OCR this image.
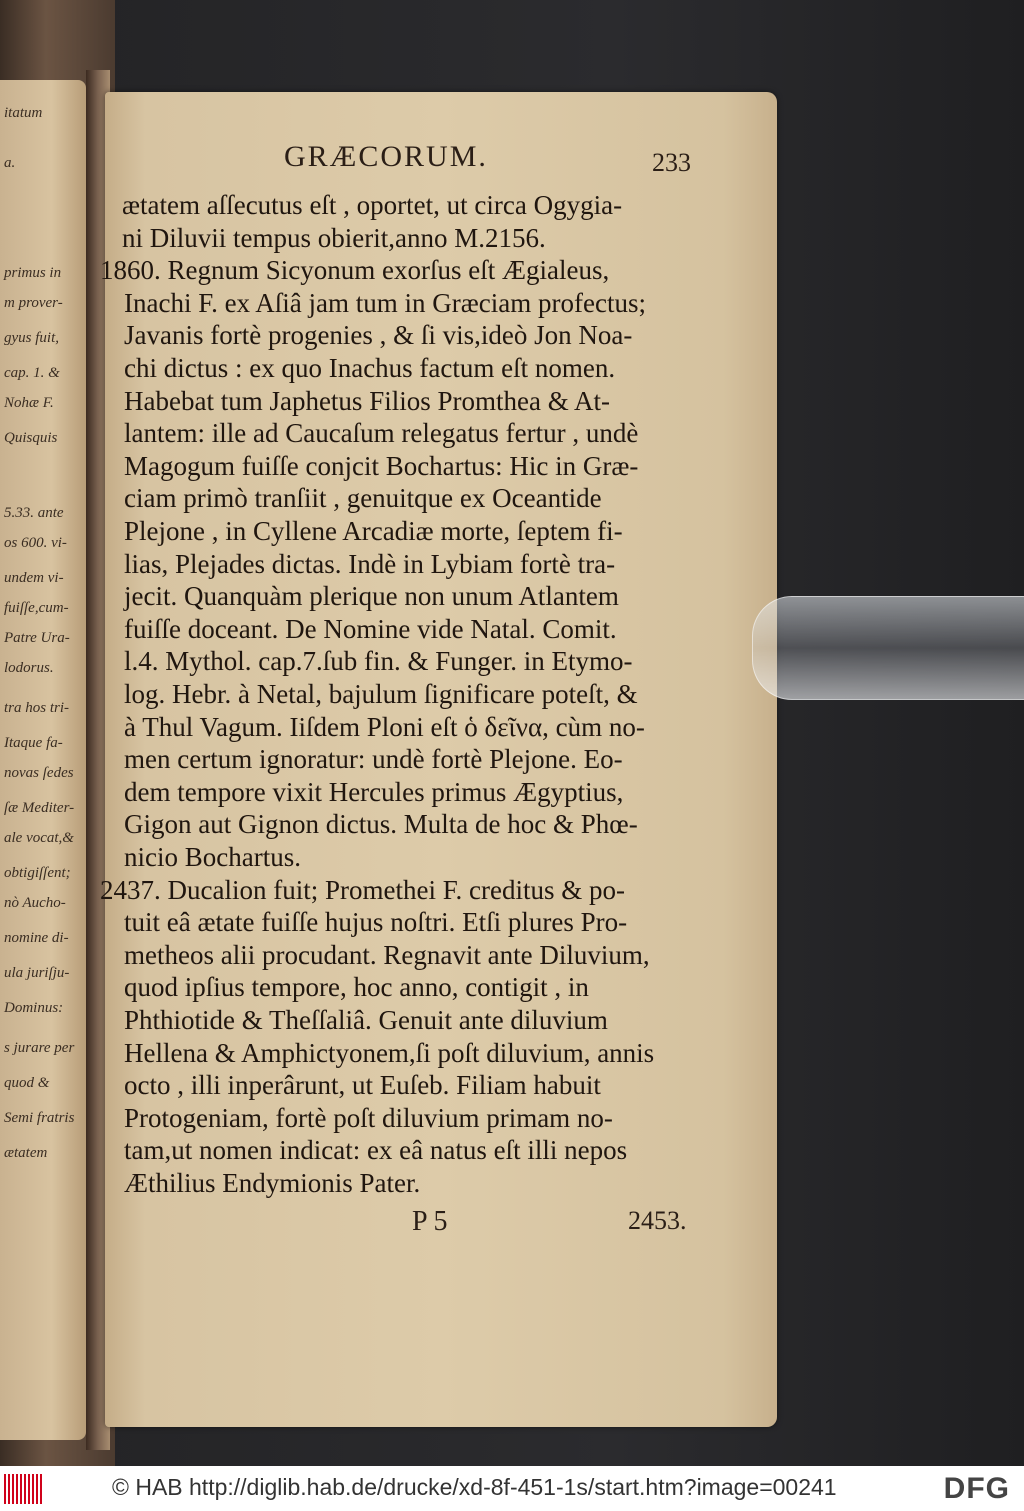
itatum
a.
primus in
m prover-
gyus fuit,
cap. 1. &
Nohæ F.
Quisquis
5.33. ante
os 600. vi-
undem vi-
fuiſſe,cum-
Patre Ura-
lodorus.
tra hos tri-
Itaque fa-
novas ſedes
ſæ Mediter-
ale vocat,&
obtigiſſent;
nò Aucho-
nomine di-
ula juriſju-
Dominus:
s jurare per
quod &
Semi fratris
ætatem
GRÆCORUM.	233
ætatem aſſecutus eſt , oportet, ut circa Ogygia-
ni Diluvii tempus obierit,anno M.2156.
1860. Regnum Sicyonum exorſus eſt Ægialeus,
Inachi F. ex Aſiâ jam tum in Græciam profectus;
Javanis fortè progenies , & ſi vis,ideò Jon Noa-
chi dictus : ex quo Inachus factum eſt nomen.
Habebat tum Japhetus Filios Promthea & At-
lantem: ille ad Caucaſum relegatus fertur , undè
Magogum fuiſſe conjcit Bochartus: Hic in Græ-
ciam primò tranſiit , genuitque ex Oceantide
Plejone , in Cyllene Arcadiæ morte, ſeptem fi-
lias, Plejades dictas. Indè in Lybiam fortè tra-
jecit. Quanquàm plerique non unum Atlantem
fuiſſe doceant. De Nomine vide Natal. Comit.
l.4. Mythol. cap.7.ſub fin. & Funger. in Etymo-
log. Hebr. à Netal, bajulum ſignificare poteſt, &
à Thul Vagum. Iiſdem Ploni eſt ὁ δεῖνα, cùm no-
men certum ignoratur: undè fortè Plejone. Eo-
dem tempore vixit Hercules primus Ægyptius,
Gigon aut Gignon dictus. Multa de hoc & Phœ-
nicio Bochartus.
2437. Ducalion fuit; Promethei F. creditus & po-
tuit eâ ætate fuiſſe hujus noſtri. Etſi plures Pro-
metheos alii procudant. Regnavit ante Diluvium,
quod ipſius tempore, hoc anno, contigit , in
Phthiotide & Theſſaliâ. Genuit ante diluvium
Hellena & Amphictyonem,ſi poſt diluvium, annis
octo , illi inperârunt, ut Euſeb. Filiam habuit
Protogeniam, fortè poſt diluvium primam no-
tam,ut nomen indicat: ex eâ natus eſt illi nepos
Æthilius Endymionis Pater.
P 5	2453.
© HAB http://diglib.hab.de/drucke/xd-8f-451-1s/start.htm?image=00241	DFG
